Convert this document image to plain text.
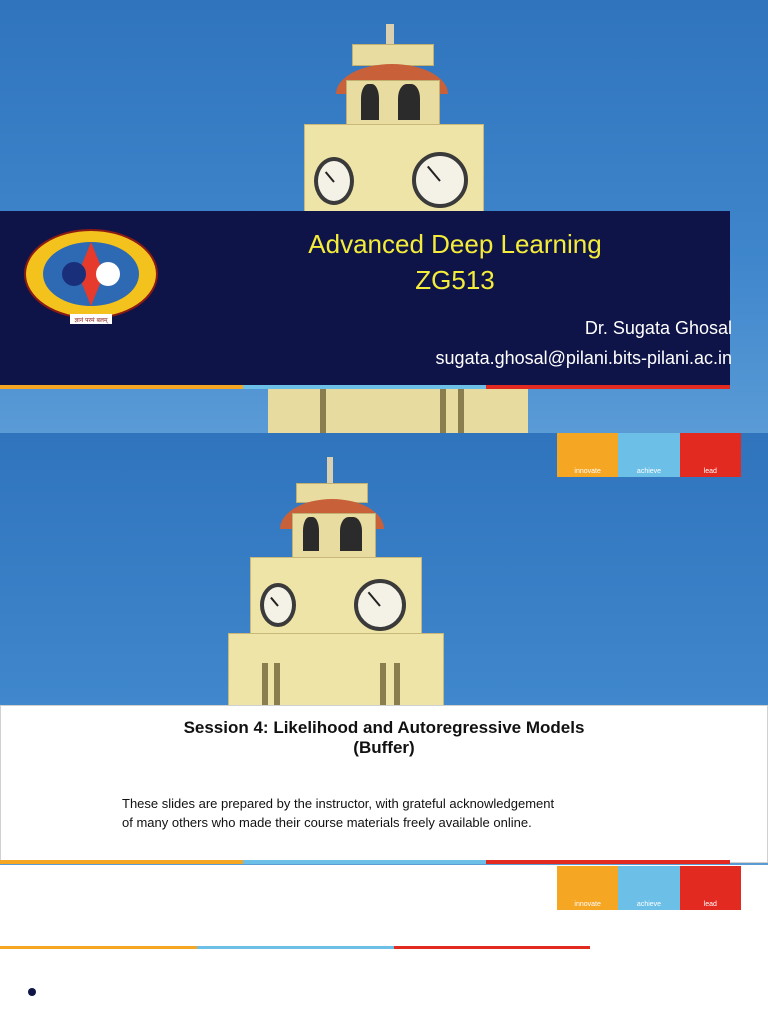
ज्ञानं परमं बलम्
Advanced Deep Learning
ZG513
Dr. Sugata Ghosal
sugata.ghosal@pilani.bits-pilani.ac.in
innovate	achieve	lead
Session 4: Likelihood and Autoregressive Models
(Buffer)
These slides are prepared by the instructor, with grateful acknowledgement
of many others who made their course materials freely available online.
innovate	achieve	lead
